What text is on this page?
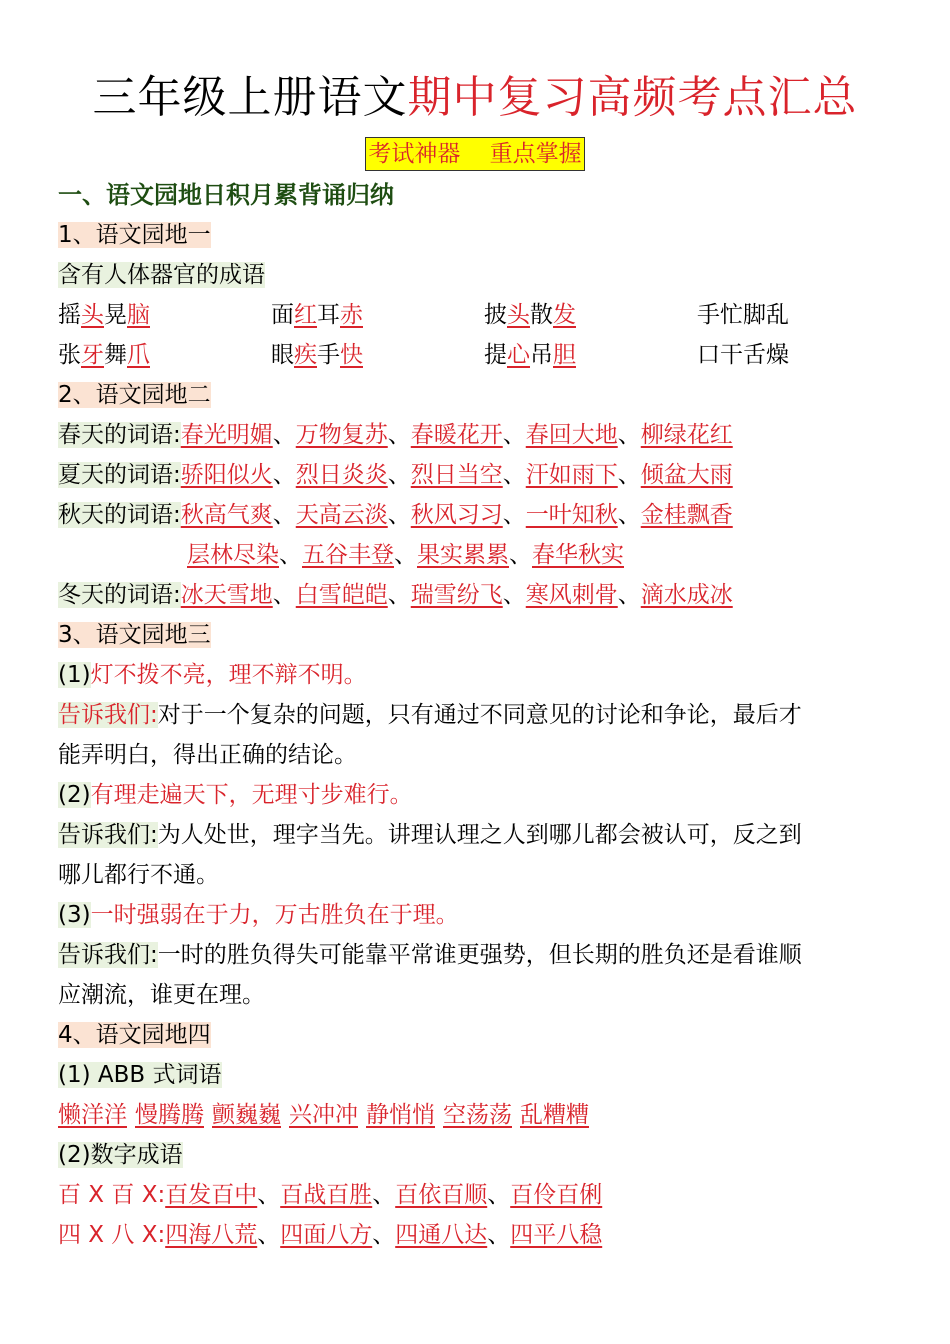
三年级上册语文期中复习高频考点汇总
考试神器    重点掌握
一、语文园地日积月累背诵归纳
1、语文园地一
含有人体器官的成语
摇头晃脑	面红耳赤	披头散发	手忙脚乱
张牙舞爪	眼疾手快	提心吊胆	口干舌燥
2、语文园地二
春天的词语:春光明媚、万物复苏、春暖花开、春回大地、柳绿花红
夏天的词语:骄阳似火、烈日炎炎、烈日当空、汗如雨下、倾盆大雨
秋天的词语:秋高气爽、天高云淡、秋风习习、一叶知秋、金桂飘香
层林尽染、五谷丰登、果实累累、春华秋实
冬天的词语:冰天雪地、白雪皑皑、瑞雪纷飞、寒风刺骨、滴水成冰
3、语文园地三
(1)灯不拨不亮，理不辩不明。
告诉我们:对于一个复杂的问题，只有通过不同意见的讨论和争论，最后才
能弄明白，得出正确的结论。
(2)有理走遍天下，无理寸步难行。
告诉我们:为人处世，理字当先。讲理认理之人到哪儿都会被认可，反之到
哪儿都行不通。
(3)一时强弱在于力，万古胜负在于理。
告诉我们:一时的胜负得失可能靠平常谁更强势，但长期的胜负还是看谁顺
应潮流，谁更在理。
4、语文园地四
(1) ABB 式词语
懒洋洋 慢腾腾 颤巍巍 兴冲冲 静悄悄 空荡荡 乱糟糟
(2)数字成语
百 X 百 X:百发百中、百战百胜、百依百顺、百伶百俐
四 X 八 X:四海八荒、四面八方、四通八达、四平八稳
